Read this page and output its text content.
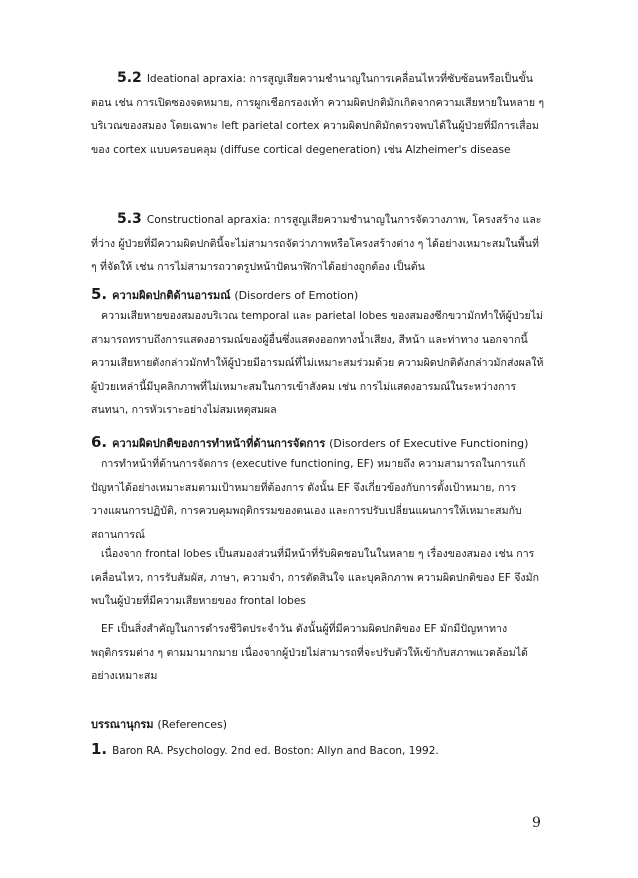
5.2 Ideational apraxia: การสูญเสียความชำนาญในการเคลื่อนไหวที่ซับซ้อนหรือเป็นขั้นตอน เช่น การเปิดซองจดหมาย, การผูกเชือกรองเท้า ความผิดปกติมักเกิดจากความเสียหายในหลาย ๆ บริเวณของสมอง โดยเฉพาะ left parietal cortex ความผิดปกติมักตรวจพบได้ในผู้ป่วยที่มีการเสื่อมของ cortex แบบครอบคลุม (diffuse cortical degeneration) เช่น Alzheimer's disease

5.3 Constructional apraxia: การสูญเสียความชำนาญในการจัดวางภาพ, โครงสร้าง และที่ว่าง ผู้ป่วยที่มีความผิดปกตินี้จะไม่สามารถจัดว่าภาพหรือโครงสร้างต่าง ๆ ได้อย่างเหมาะสมในพื้นที่ ๆ ที่จัดให้ เช่น การไม่สามารถวาดรูปหน้าปัดนาฬิกาได้อย่างถูกต้อง เป็นต้น

5. ความผิดปกติด้านอารมณ์ (Disorders of Emotion)

ความเสียหายของสมองบริเวณ temporal และ parietal lobes ของสมองซีกขวามักทำให้ผู้ป่วยไม่สามารถทราบถึงการแสดงอารมณ์ของผู้อื่นซึ่งแสดงออกทางน้ำเสียง, สีหน้า และท่าทาง นอกจากนี้ ความเสียหายดังกล่าวมักทำให้ผู้ป่วยมีอารมณ์ที่ไม่เหมาะสมร่วมด้วย ความผิดปกติดังกล่าวมักส่งผลให้ผู้ป่วยเหล่านี้มีบุคลิกภาพที่ไม่เหมาะสมในการเข้าสังคม เช่น การไม่แสดงอารมณ์ในระหว่างการสนทนา, การหัวเราะอย่างไม่สมเหตุสมผล

6. ความผิดปกติของการทำหน้าที่ด้านการจัดการ (Disorders of Executive Functioning)

การทำหน้าที่ด้านการจัดการ (executive functioning, EF) หมายถึง ความสามารถในการแก้ปัญหาได้อย่างเหมาะสมตามเป้าหมายที่ต้องการ ดังนั้น EF จึงเกี่ยวข้องกับการตั้งเป้าหมาย, การวางแผนการปฏิบัติ, การควบคุมพฤติกรรมของตนเอง และการปรับเปลี่ยนแผนการให้เหมาะสมกับสถานการณ์

เนื่องจาก frontal lobes เป็นสมองส่วนที่มีหน้าที่รับผิดชอบในในหลาย ๆ เรื่องของสมอง เช่น การเคลื่อนไหว, การรับสัมผัส, ภาษา, ความจำ, การตัดสินใจ และบุคลิกภาพ ความผิดปกติของ EF จึงมักพบในผู้ป่วยที่มีความเสียหายของ frontal lobes

EF เป็นสิ่งสำคัญในการดำรงชีวิตประจำวัน ดังนั้นผู้ที่มีความผิดปกติของ EF มักมีปัญหาทางพฤติกรรมต่าง ๆ ตามมามากมาย เนื่องจากผู้ป่วยไม่สามารถที่จะปรับตัวให้เข้ากับสภาพแวดล้อมได้อย่างเหมาะสม

บรรณานุกรม (References)

1. Baron RA. Psychology. 2nd ed. Boston: Allyn and Bacon, 1992.

9
